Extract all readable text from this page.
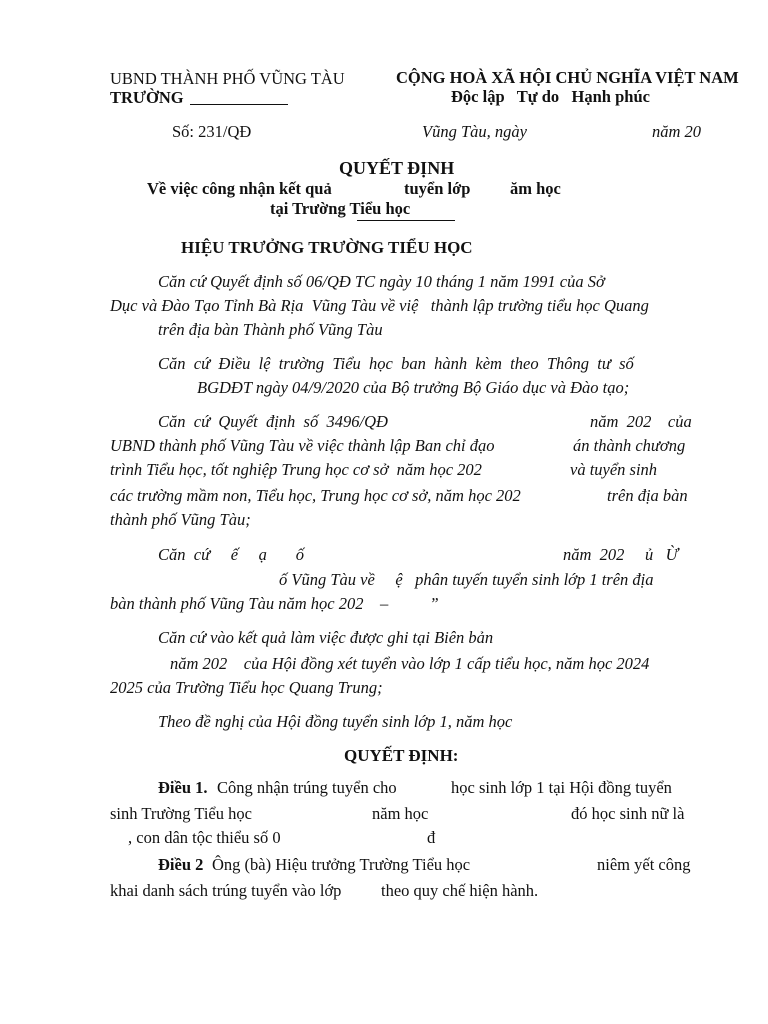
UBND THÀNH PHỐ VŨNG TÀU
TRƯỜNG
CỘNG HOÀ XÃ HỘI CHỦ NGHĨA VIỆT NAM
Độc lập   Tự do   Hạnh phúc
Số: 231/QĐ	Vũng Tàu, ngày	năm 20
QUYẾT ĐỊNH
Về việc công nhận kết quả	tuyển lớp ăm học
tại Trường Tiểu học
HIỆU TRƯỞNG TRƯỜNG TIỂU HỌC
Căn cứ Quyết định số 06/QĐ TC ngày 10 tháng 1 năm 1991 của Sở
Dục và Đào Tạo Tỉnh Bà Rịa  Vũng Tàu về việ   thành lập trường tiểu học Quang
trên địa bàn Thành phố Vũng Tàu
Căn  cứ  Điều  lệ  trường  Tiểu  học  ban  hành  kèm  theo  Thông  tư  số
BGDĐT ngày 04/9/2020 của Bộ trưởng Bộ Giáo dục và Đào tạo;
Căn  cứ  Quyết  định  số  3496/QĐ	năm  202    của
UBND thành phố Vũng Tàu về việc thành lập Ban chỉ đạo	án thành chương
trình Tiểu học, tốt nghiệp Trung học cơ sở  năm học 202	và tuyển sinh
các trường mầm non, Tiểu học, Trung học cơ sở, năm học 202	trên địa bàn
thành phố Vũng Tàu;
Căn  cứ     ế     ạ       ố	năm  202     ủ   Ừ
ố Vũng Tàu về     ệ   phân tuyến tuyển sinh lớp 1 trên địa
bàn thành phố Vũng Tàu năm học 202    –          ”
Căn cứ vào kết quả làm việc được ghi tại Biên bản
năm 202    của Hội đồng xét tuyển vào lớp 1 cấp tiểu học, năm học 2024
2025 của Trường Tiểu học Quang Trung;
Theo đề nghị của Hội đồng tuyển sinh lớp 1, năm học
QUYẾT ĐỊNH:
Điều 1. Công nhận trúng tuyển cho	học sinh lớp 1 tại Hội đồng tuyển
sinh Trường Tiểu học	năm học	đó học sinh nữ là
, con dân tộc thiểu số 0	đ
Điều 2 Ông (bà) Hiệu trưởng Trường Tiểu học	niêm yết công
khai danh sách trúng tuyển vào lớp theo quy chế hiện hành.
